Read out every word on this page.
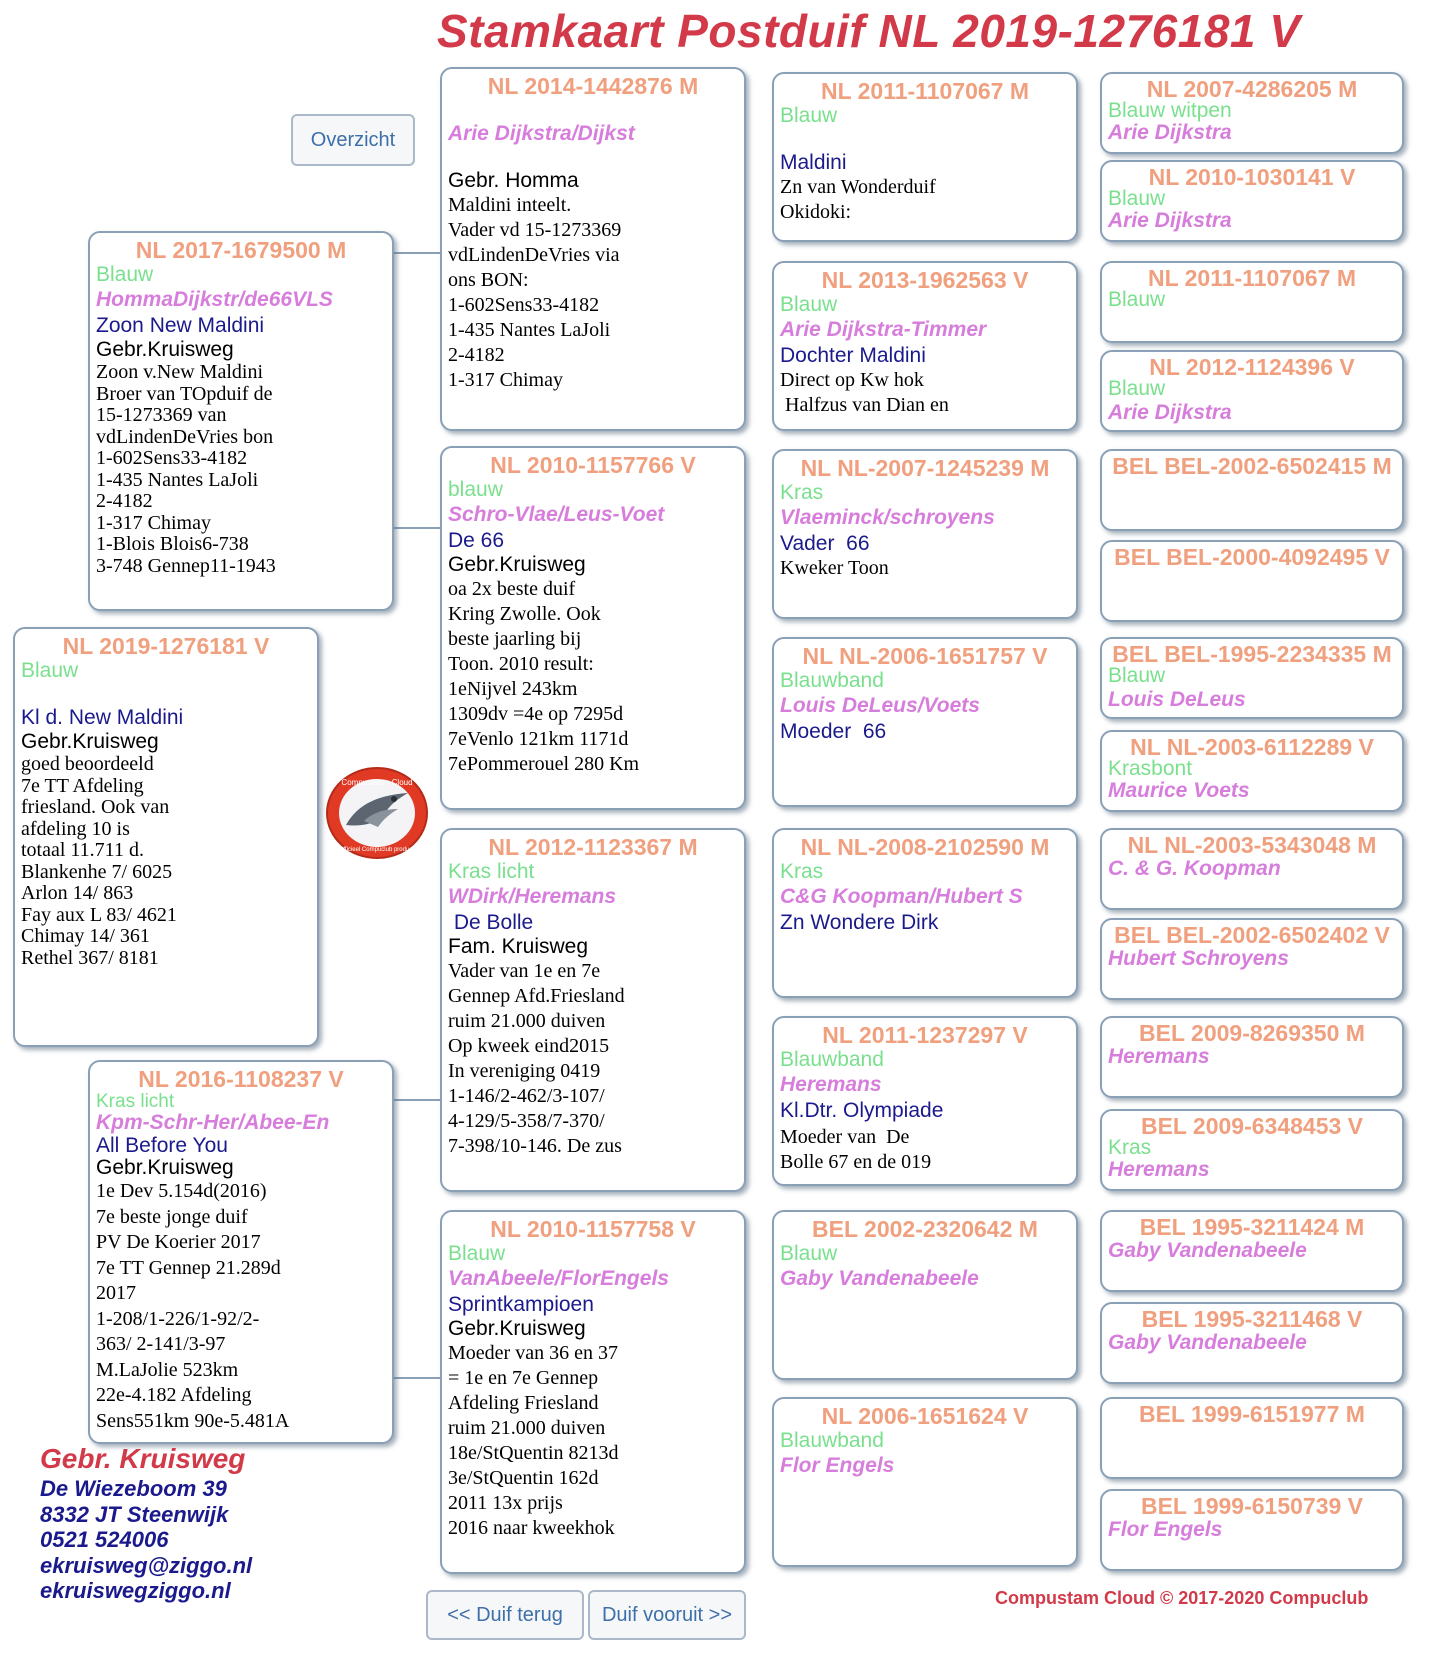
Stamkaart Postduif NL 2019-1276181 V
Overzicht
NL 2019-1276181 V
Blauw
Kl d. New Maldini
Gebr.Kruisweg

goed beoordeeld
7e TT Afdeling
friesland. Ook van
afdeling 10 is
totaal 11.711 d.
Blankenhe 7/ 6025
Arlon 14/ 863
Fay aux L 83/ 4621
Chimay 14/ 361
Rethel 367/ 8181

NL 2017-1679500 M
Blauw
HommaDijkstr/de66VLS
Zoon New Maldini
Gebr.Kruisweg

Zoon v.New Maldini
Broer van TOpduif de
15-1273369 van
vdLindenDeVries bon
1-602Sens33-4182
1-435 Nantes LaJoli
2-4182
1-317 Chimay
1-Blois Blois6-738
3-748 Gennep11-1943

NL 2016-1108237 V
Kras licht
Kpm-Schr-Her/Abee-En
All Before You
Gebr.Kruisweg

1e Dev 5.154d(2016)
7e beste jonge duif
PV De Koerier 2017
7e TT Gennep 21.289d
2017
1-208/1-226/1-92/2-
363/ 2-141/3-97
M.LaJolie 523km
22e-4.182 Afdeling
Sens551km 90e-5.481A

Compustam - Cloud
officieel Compuclub product
NL 2014-1442876 M
Arie Dijkstra/Dijkst
Gebr. Homma

Maldini inteelt.
Vader vd 15-1273369
vdLindenDeVries via
ons BON:
1-602Sens33-4182
1-435 Nantes LaJoli
2-4182
1-317 Chimay

NL 2010-1157766 V
blauw
Schro-Vlae/Leus-Voet
De 66
Gebr.Kruisweg

oa 2x beste duif
Kring Zwolle. Ook
beste jaarling bij
Toon. 2010 result:
1eNijvel 243km
1309dv =4e op 7295d
7eVenlo 121km 1171d
7ePommerouel 280 Km

NL 2012-1123367 M
Kras licht
WDirk/Heremans
De Bolle
Fam. Kruisweg

Vader van 1e en 7e
Gennep Afd.Friesland
ruim 21.000 duiven
Op kweek eind2015
In vereniging 0419
1-146/2-462/3-107/
4-129/5-358/7-370/
7-398/10-146. De zus

NL 2010-1157758 V
Blauw
VanAbeele/FlorEngels
Sprintkampioen
Gebr.Kruisweg

Moeder van 36 en 37
= 1e en 7e Gennep
Afdeling Friesland
ruim 21.000 duiven
18e/StQuentin 8213d
3e/StQuentin 162d
2011 13x prijs
2016 naar kweekhok

NL 2011-1107067 M
Blauw
Maldini

Zn van Wonderduif
Okidoki:

NL 2013-1962563 V
Blauw
Arie Dijkstra-Timmer
Dochter Maldini

Direct op Kw hok
Halfzus van Dian en

NL NL-2007-1245239 M
Kras
Vlaeminck/schroyens
Vader  66

Kweker Toon

NL NL-2006-1651757 V
Blauwband
Louis DeLeus/Voets
Moeder  66
NL NL-2008-2102590 M
Kras
C&G Koopman/Hubert S
Zn Wondere Dirk
NL 2011-1237297 V
Blauwband
Heremans
Kl.Dtr. Olympiade

Moeder van  De
Bolle 67 en de 019

BEL 2002-2320642 M
Blauw
Gaby Vandenabeele
NL 2006-1651624 V
Blauwband
Flor Engels
NL 2007-4286205 M
Blauw witpen
Arie Dijkstra
NL 2010-1030141 V
Blauw
Arie Dijkstra
NL 2011-1107067 M
Blauw
NL 2012-1124396 V
Blauw
Arie Dijkstra
BEL BEL-2002-6502415 M
BEL BEL-2000-4092495 V
BEL BEL-1995-2234335 M
Blauw
Louis DeLeus
NL NL-2003-6112289 V
Krasbont
Maurice Voets
NL NL-2003-5343048 M
C. & G. Koopman
BEL BEL-2002-6502402 V
Hubert Schroyens
BEL 2009-8269350 M
Heremans
BEL 2009-6348453 V
Kras
Heremans
BEL 1995-3211424 M
Gaby Vandenabeele
BEL 1995-3211468 V
Gaby Vandenabeele
BEL 1999-6151977 M
BEL 1999-6150739 V
Flor Engels
Gebr. Kruisweg
De Wiezeboom 39
8332 JT Steenwijk
0521 524006
ekruisweg@ziggo.nl
ekruiswegziggo.nl
<< Duif terug	Duif vooruit >>
Compustam Cloud © 2017-2020 Compuclub
